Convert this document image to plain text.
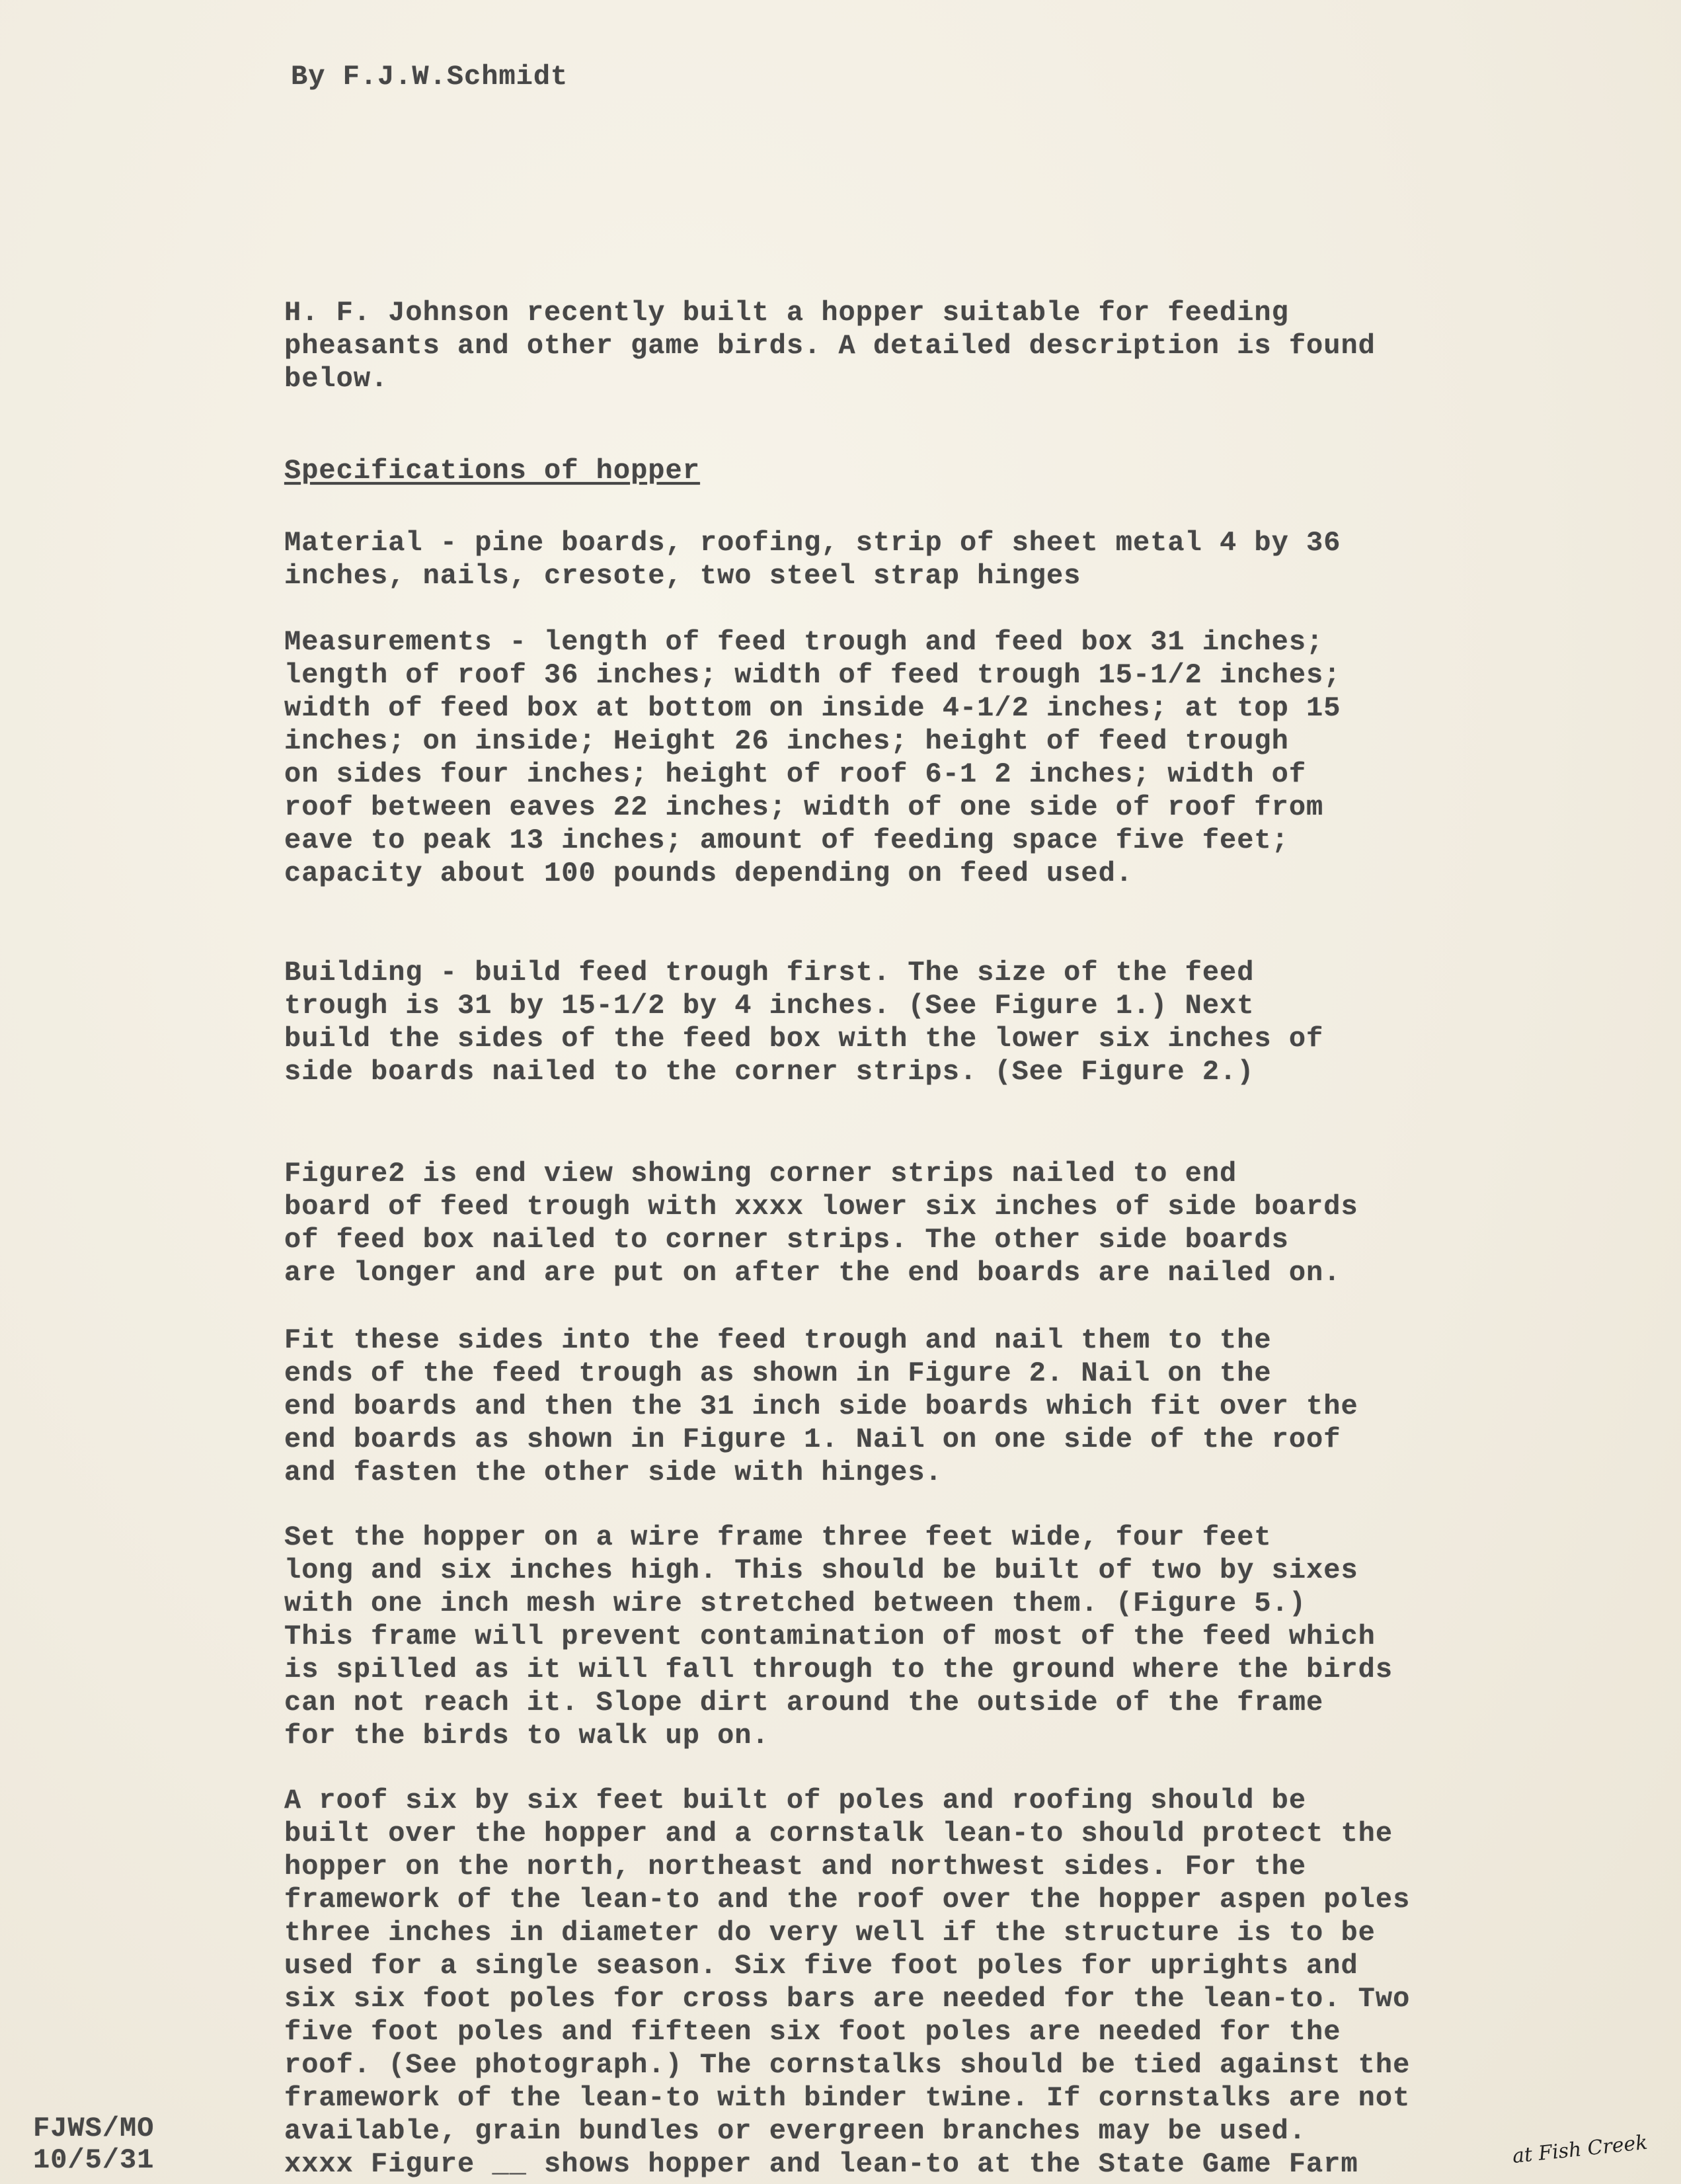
By F.J.W.Schmidt
H. F. Johnson recently built a hopper suitable for feeding
pheasants and other game birds. A detailed description is found
below.
Specifications of hopper
Material - pine boards, roofing, strip of sheet metal 4 by 36
inches, nails, cresote, two steel strap hinges
Measurements - length of feed trough and feed box 31 inches;
length of roof 36 inches; width of feed trough 15-1/2 inches;
width of feed box at bottom on inside 4-1/2 inches; at top 15
inches; on inside; Height 26 inches; height of feed trough
on sides four inches; height of roof 6-1 2 inches; width of
roof between eaves 22 inches; width of one side of roof from
eave to peak 13 inches; amount of feeding space five feet;
capacity about 100 pounds depending on feed used.
Building - build feed trough first. The size of the feed
trough is 31 by 15-1/2 by 4 inches. (See Figure 1.) Next
build the sides of the feed box with the lower six inches of
side boards nailed to the corner strips. (See Figure 2.)
Figure2 is end view showing corner strips nailed to end
board of feed trough with xxxx lower six inches of side boards
of feed box nailed to corner strips. The other side boards
are longer and are put on after the end boards are nailed on.
Fit these sides into the feed trough and nail them to the
ends of the feed trough as shown in Figure 2. Nail on the
end boards and then the 31 inch side boards which fit over the
end boards as shown in Figure 1. Nail on one side of the roof
and fasten the other side with hinges.
Set the hopper on a wire frame three feet wide, four feet
long and six inches high. This should be built of two by sixes
with one inch mesh wire stretched between them. (Figure 5.)
This frame will prevent contamination of most of the feed which
is spilled as it will fall through to the ground where the birds
can not reach it. Slope dirt around the outside of the frame
for the birds to walk up on.
A roof six by six feet built of poles and roofing should be
built over the hopper and a cornstalk lean-to should protect the
hopper on the north, northeast and northwest sides. For the
framework of the lean-to and the roof over the hopper aspen poles
three inches in diameter do very well if the structure is to be
used for a single season. Six five foot poles for uprights and
six six foot poles for cross bars are needed for the lean-to. Two
five foot poles and fifteen six foot poles are needed for the
roof. (See photograph.) The cornstalks should be tied against the
framework of the lean-to with binder twine. If cornstalks are not
available, grain bundles or evergreen branches may be used.
xxxx Figure __ shows hopper and lean-to at the State Game Farm
FJWS/MO
10/5/31	at Fish Creek
